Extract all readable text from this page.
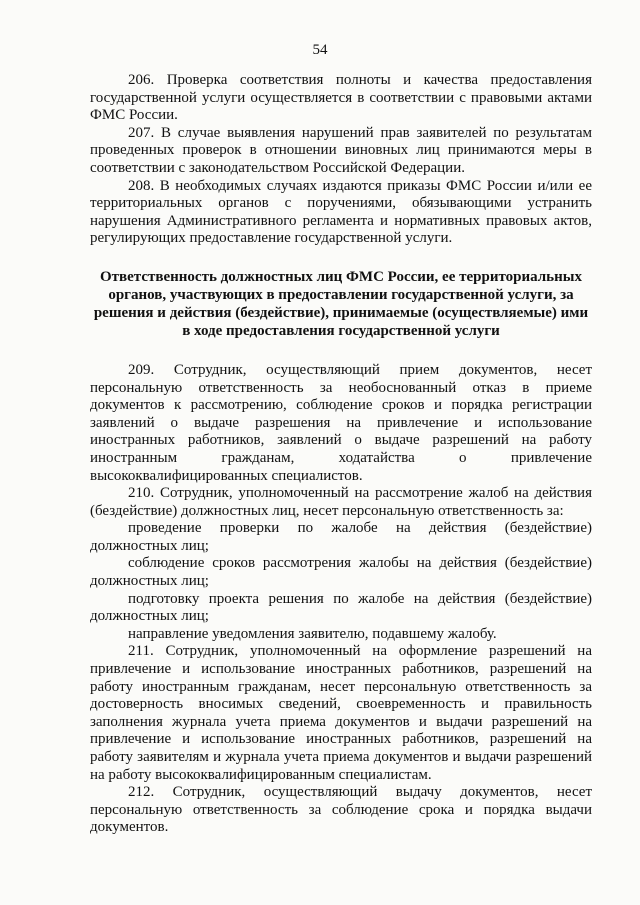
54

206. Проверка соответствия полноты и качества предоставления государственной услуги осуществляется в соответствии с правовыми актами ФМС России.

207. В случае выявления нарушений прав заявителей по результатам проведенных проверок в отношении виновных лиц принимаются меры в соответствии с законодательством Российской Федерации.

208. В необходимых случаях издаются приказы ФМС России и/или ее территориальных органов с поручениями, обязывающими устранить нарушения Административного регламента и нормативных правовых актов, регулирующих предоставление государственной услуги.

Ответственность должностных лиц ФМС России, ее территориальных органов, участвующих в предоставлении государственной услуги, за решения и действия (бездействие), принимаемые (осуществляемые) ими в ходе предоставления государственной услуги

209. Сотрудник, осуществляющий прием документов, несет персональную ответственность за необоснованный отказ в приеме документов к рассмотрению, соблюдение сроков и порядка регистрации заявлений о выдаче разрешения на привлечение и использование иностранных работников, заявлений о выдаче разрешений на работу иностранным гражданам, ходатайства о привлечение высококвалифицированных специалистов.

210. Сотрудник, уполномоченный на рассмотрение жалоб на действия (бездействие) должностных лиц, несет персональную ответственность за:

проведение проверки по жалобе на действия (бездействие) должностных лиц;

соблюдение сроков рассмотрения жалобы на действия (бездействие) должностных лиц;

подготовку проекта решения по жалобе на действия (бездействие) должностных лиц;

направление уведомления заявителю, подавшему жалобу.

211. Сотрудник, уполномоченный на оформление разрешений на привлечение и использование иностранных работников, разрешений на работу иностранным гражданам, несет персональную ответственность за достоверность вносимых сведений, своевременность и правильность заполнения журнала учета приема документов и выдачи разрешений на привлечение и использование иностранных работников, разрешений на работу заявителям и журнала учета приема документов и выдачи разрешений на работу высококвалифицированным специалистам.

212. Сотрудник, осуществляющий выдачу документов, несет персональную ответственность за соблюдение срока и порядка выдачи документов.
